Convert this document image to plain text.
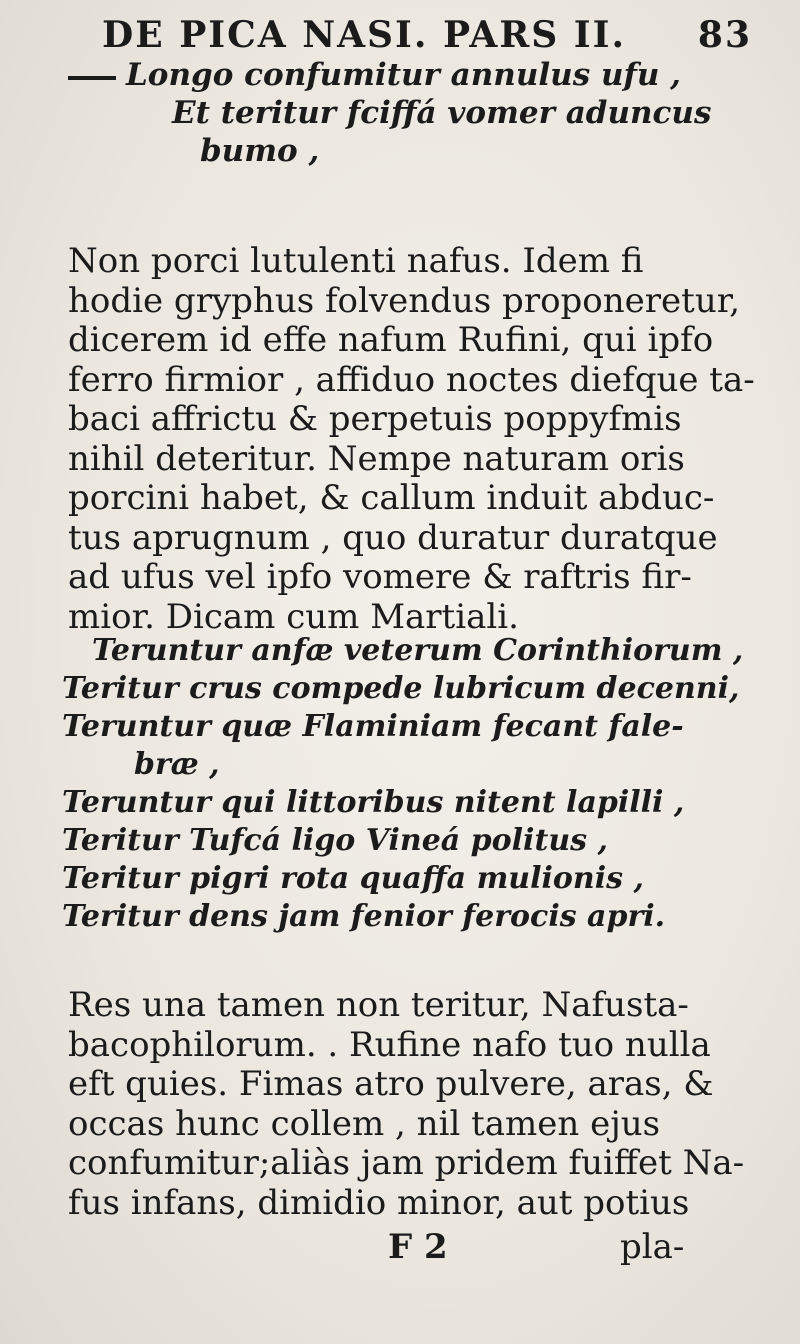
DE PICA NASI. PARS II. 83
Longo confumitur annulus ufu ,
Et teritur fciffá vomer aduncus
bumo ,
Non porci lutulenti nafus. Idem fi
hodie gryphus folvendus proponeretur,
dicerem id effe nafum Rufini, qui ipfo
ferro firmior , affiduo noctes diefque ta-
baci affrictu & perpetuis poppyfmis
nihil deteritur. Nempe naturam oris
porcini habet, & callum induit abduc-
tus aprugnum , quo duratur duratque
ad ufus vel ipfo vomere & raftris fir-
mior. Dicam cum Martiali.
Teruntur anfæ veterum Corinthiorum ,
Teritur crus compede lubricum decenni,
Teruntur quæ Flaminiam fecant fale-
bræ ,
Teruntur qui littoribus nitent lapilli ,
Teritur Tufcá ligo Vineá politus ,
Teritur pigri rota quaffa mulionis ,
Teritur dens jam fenior ferocis apri.
Res una tamen non teritur, Nafusta-
bacophilorum. . Rufine nafo tuo nulla
eft quies. Fimas atro pulvere, aras, &
occas hunc collem , nil tamen ejus
confumitur;aliàs jam pridem fuiffet Na-
fus infans, dimidio minor, aut potius
F 2	pla-
